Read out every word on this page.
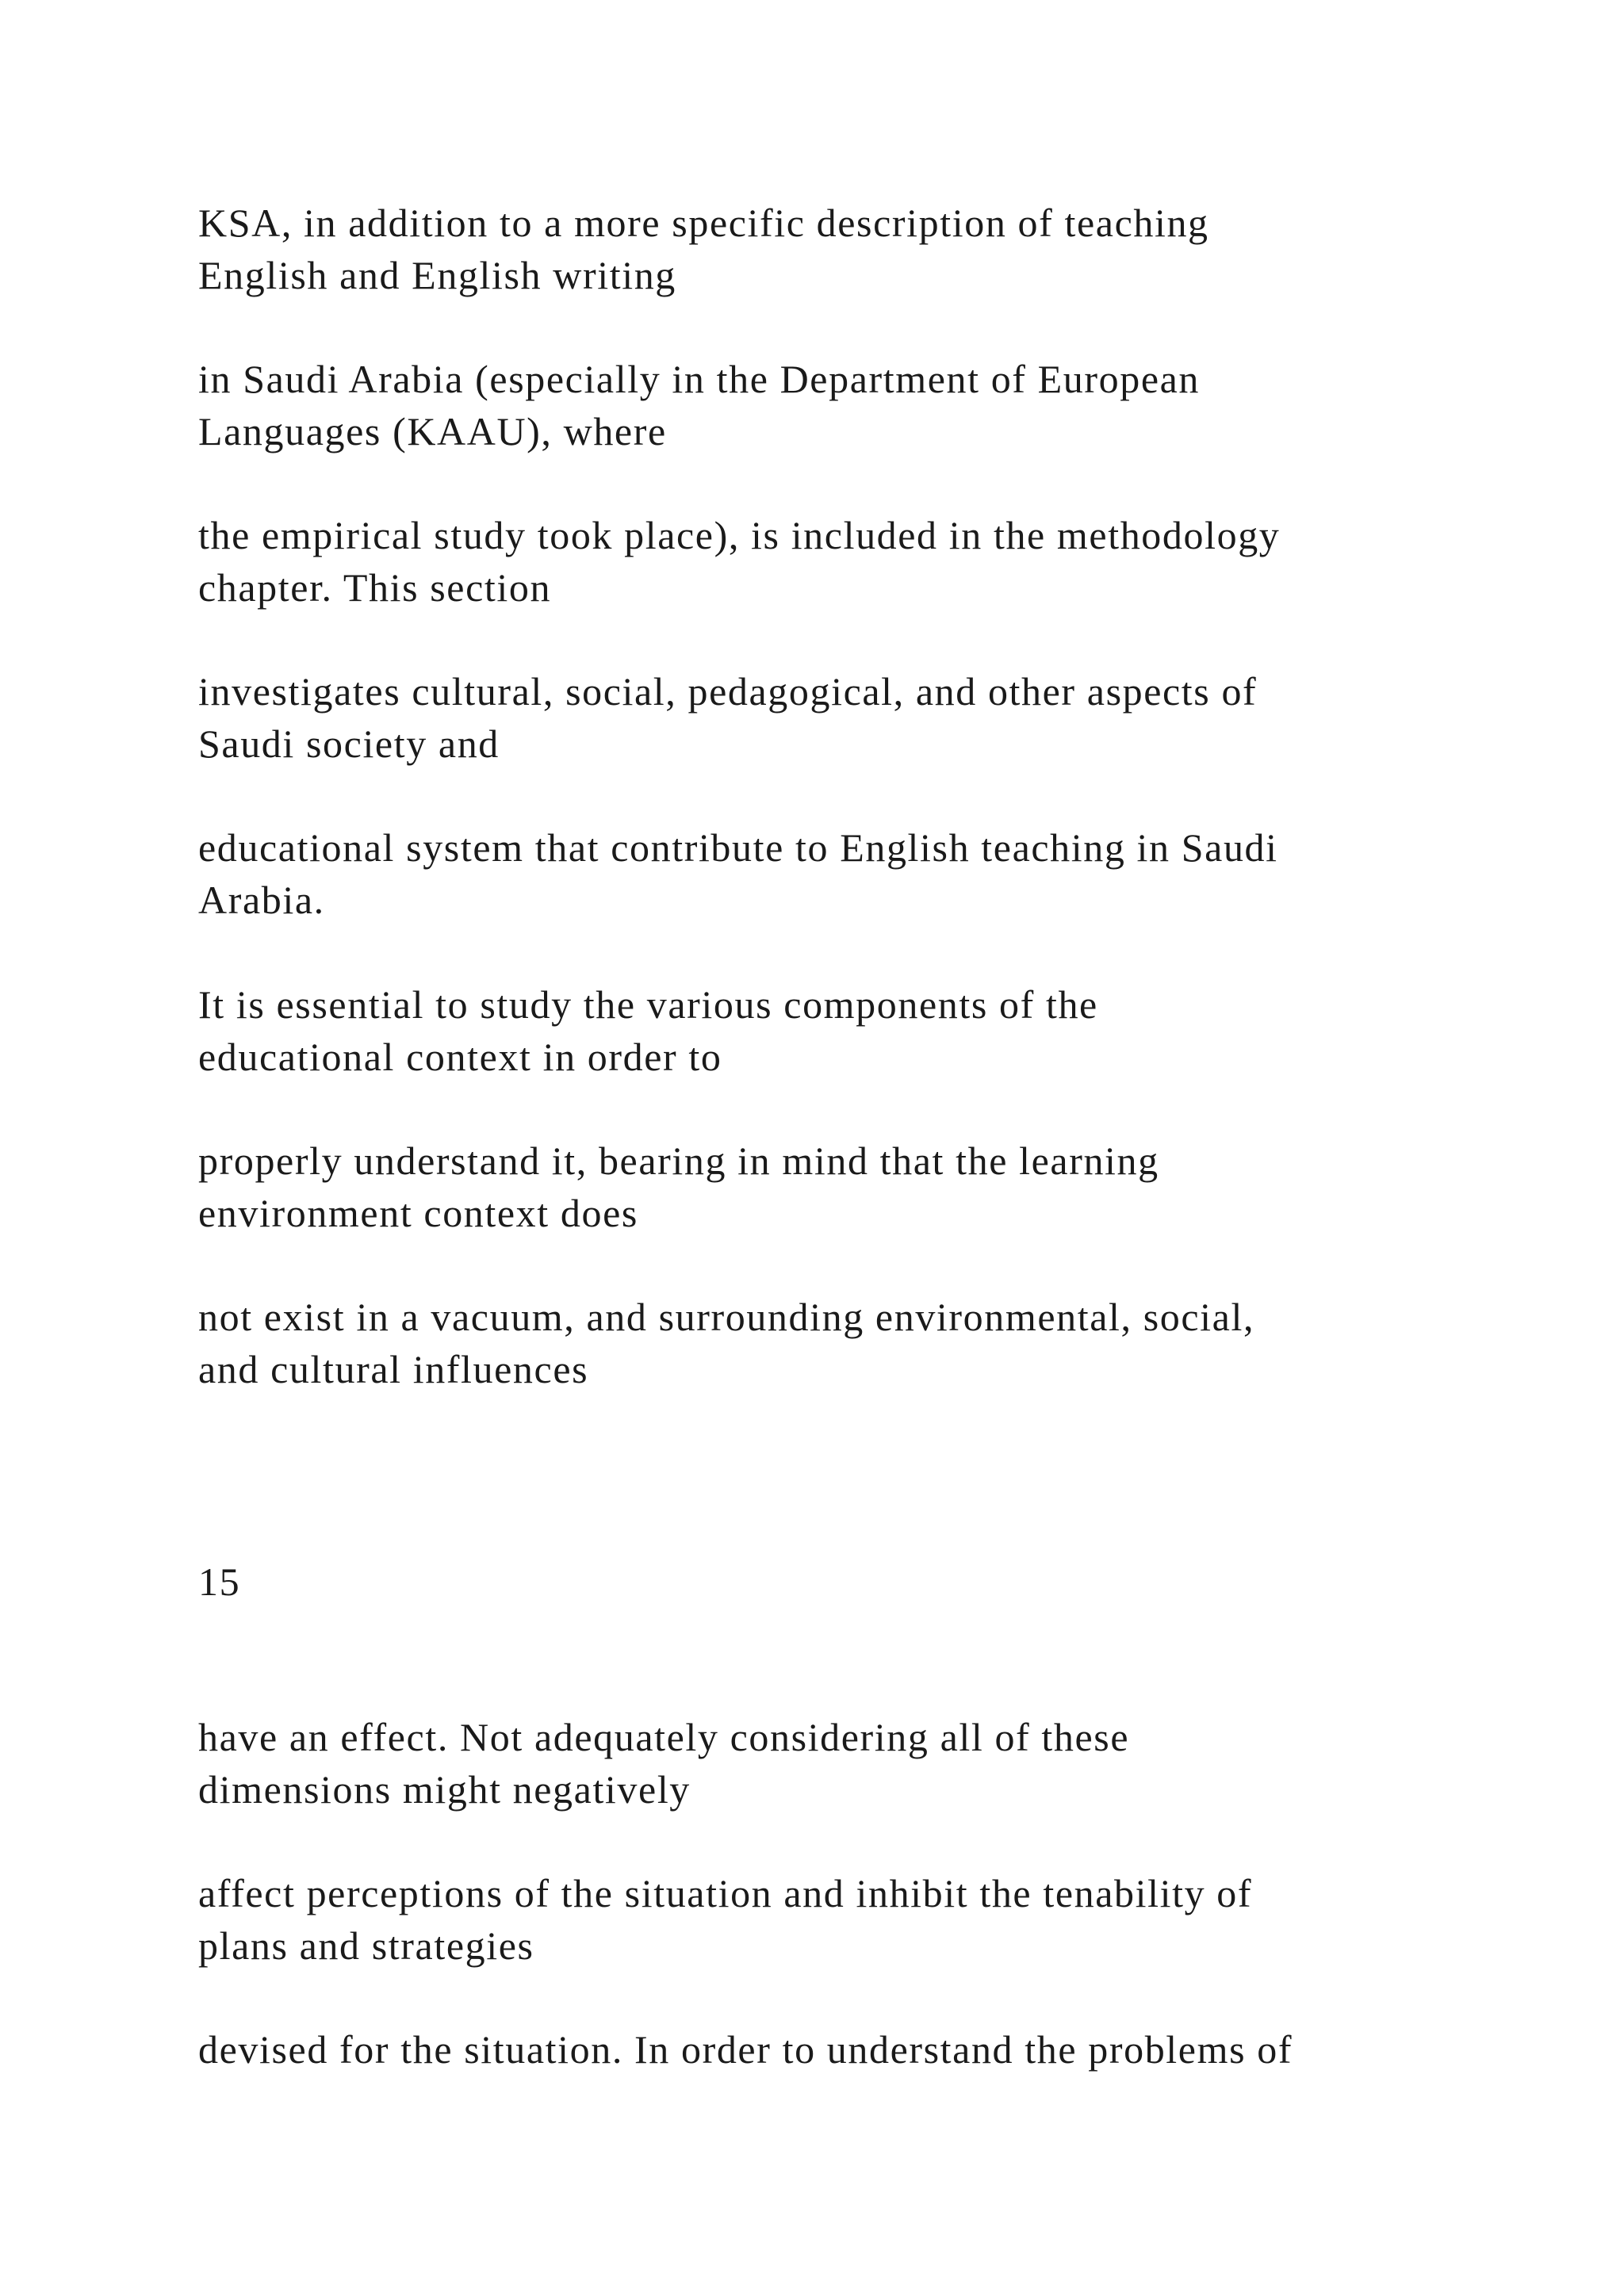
KSA, in addition to a more specific description of teaching
English and English writing

in Saudi Arabia (especially in the Department of European
Languages (KAAU), where

the empirical study took place), is included in the methodology
chapter. This section

investigates cultural, social, pedagogical, and other aspects of
Saudi society and

educational system that contribute to English teaching in Saudi
Arabia.

It is essential to study the various components of the
educational context in order to

properly understand it, bearing in mind that the learning
environment context does

not exist in a vacuum, and surrounding environmental, social,
and cultural influences

15

have an effect. Not adequately considering all of these
dimensions might negatively

affect perceptions of the situation and inhibit the tenability of
plans and strategies

devised for the situation. In order to understand the problems of
